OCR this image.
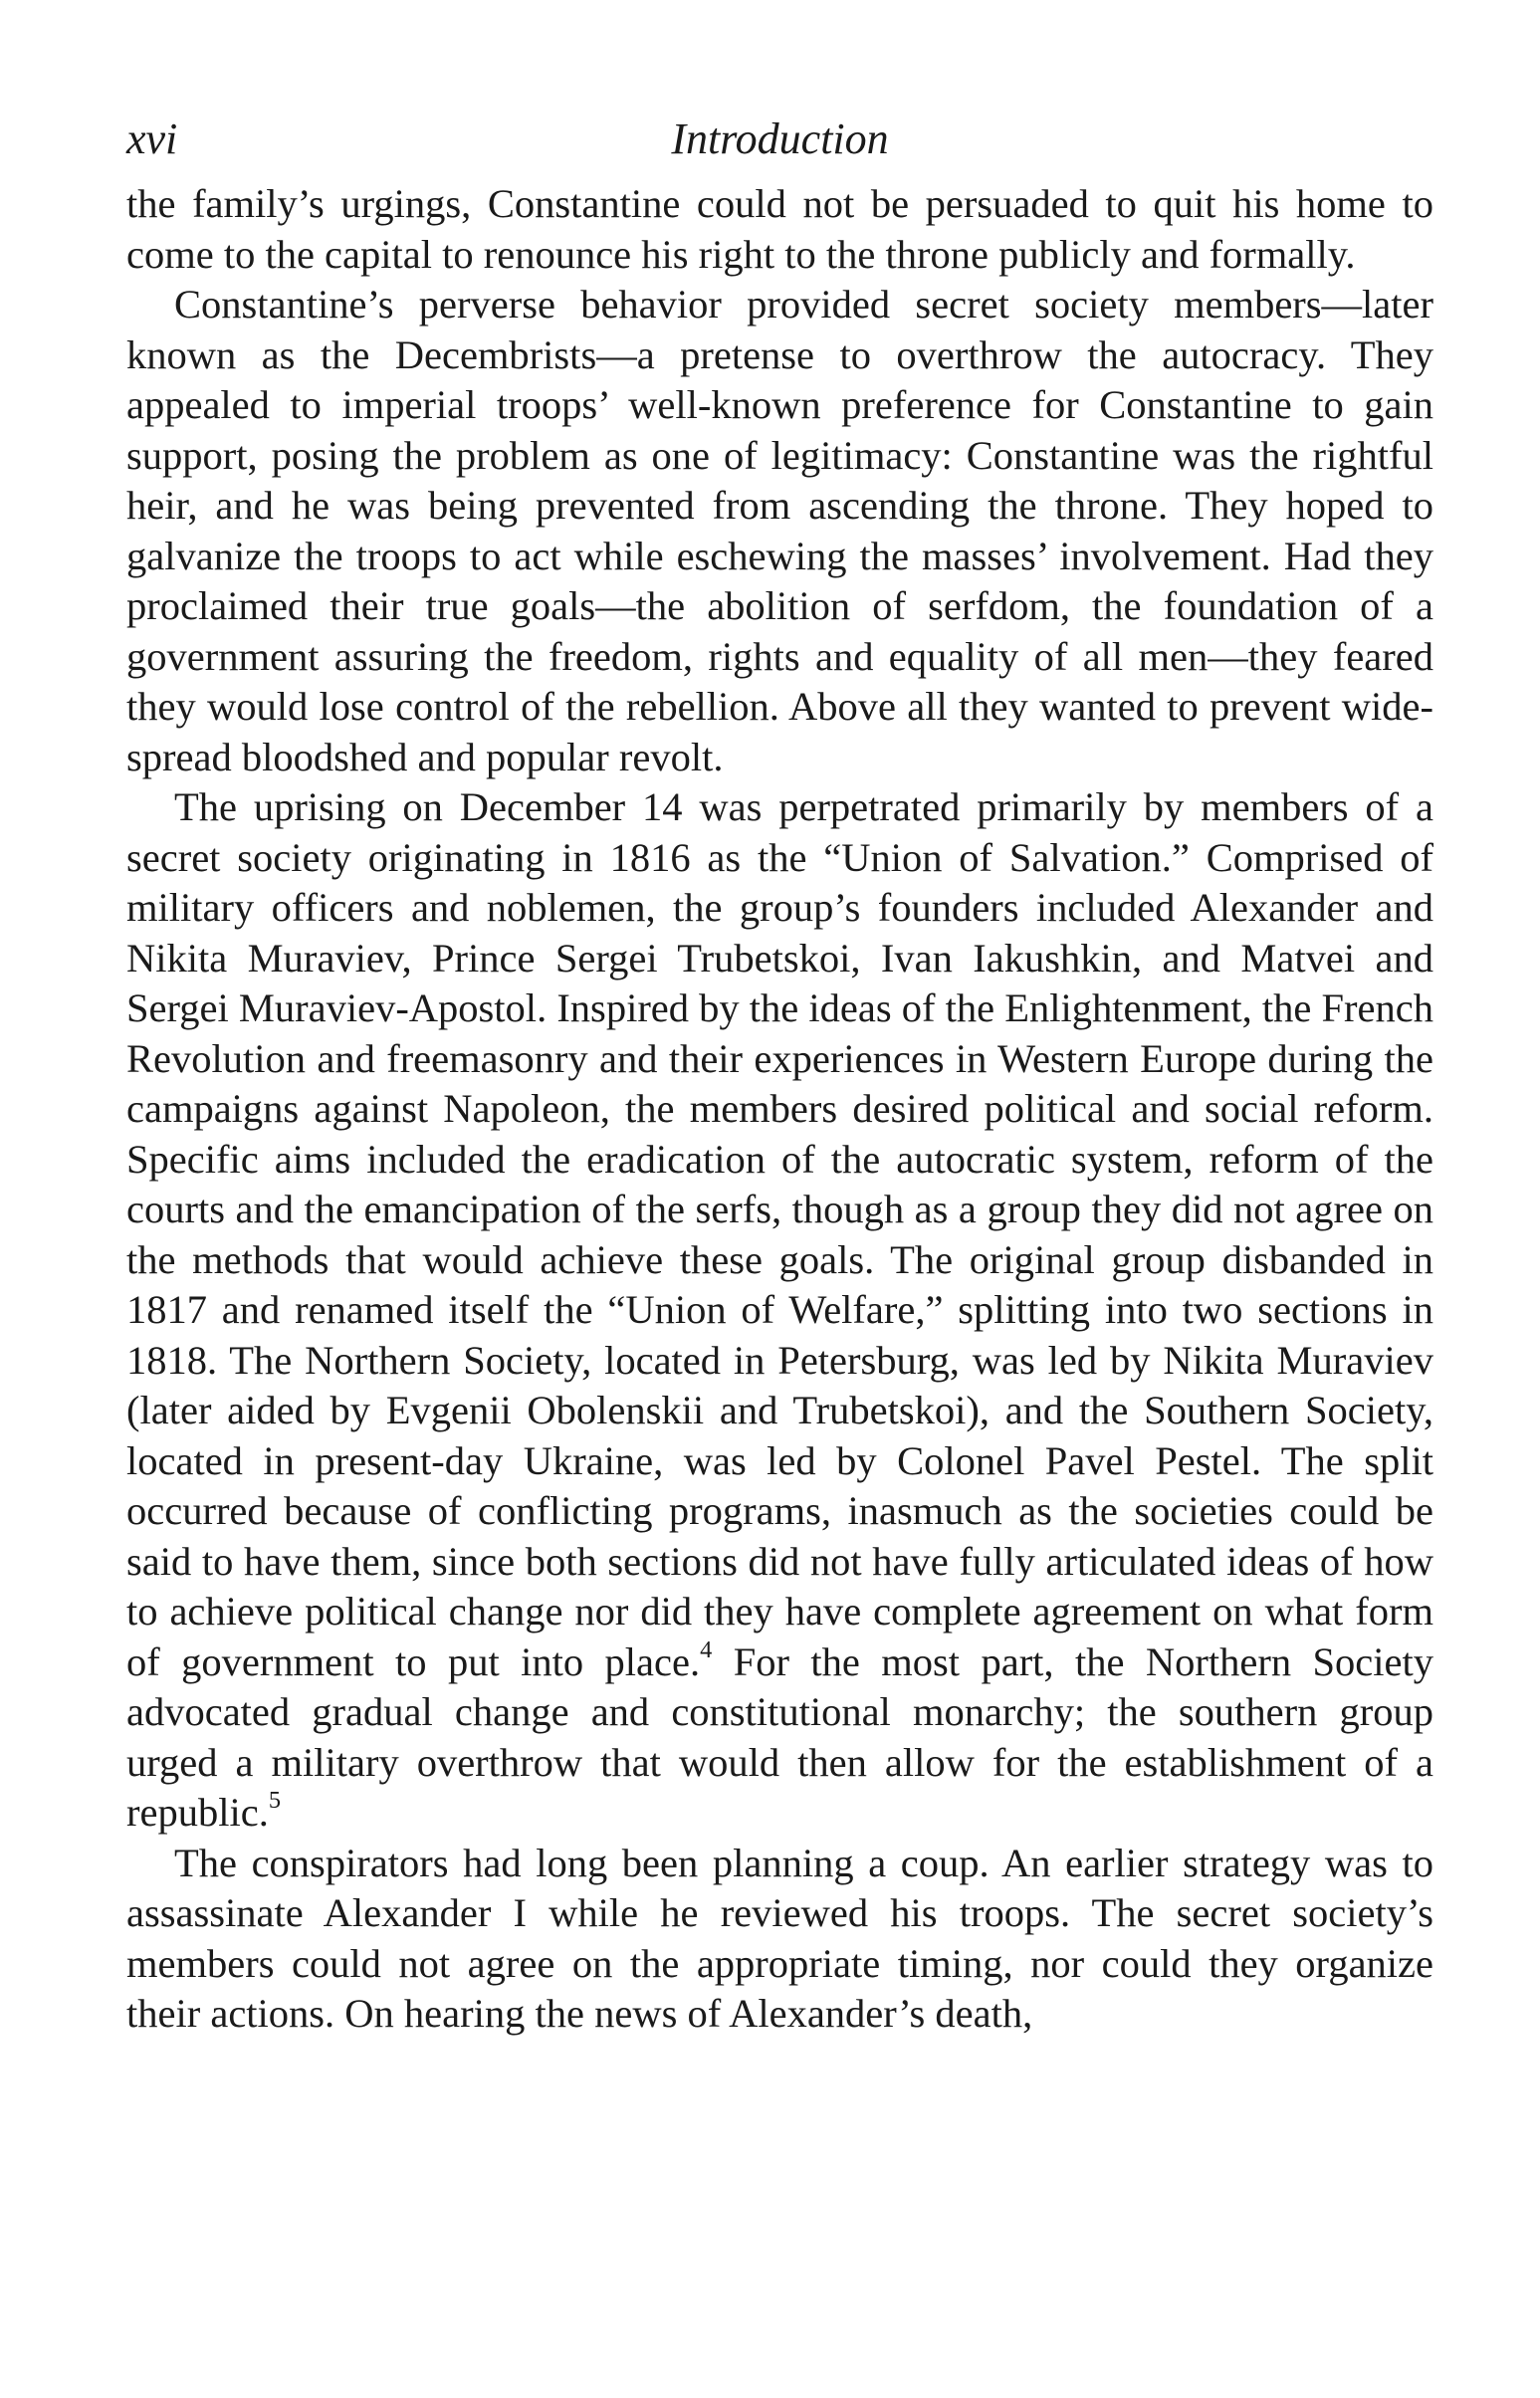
xvi	Introduction

the family’s urgings, Constantine could not be persuaded to quit his home to come to the capital to renounce his right to the throne publicly and formally.

Constantine’s perverse behavior provided secret society members—later known as the Decembrists—a pretense to overthrow the autocracy. They appealed to imperial troops’ well-known preference for Constantine to gain support, posing the problem as one of legitimacy: Constantine was the rightful heir, and he was being prevented from ascending the throne. They hoped to galvanize the troops to act while eschewing the masses’ involvement. Had they proclaimed their true goals—the abolition of serfdom, the foundation of a government assuring the freedom, rights and equality of all men—they feared they would lose control of the rebellion. Above all they wanted to prevent widespread bloodshed and popular revolt.

The uprising on December 14 was perpetrated primarily by members of a secret society originating in 1816 as the “Union of Salvation.” Comprised of military officers and noblemen, the group’s founders included Alexander and Nikita Muraviev, Prince Sergei Trubetskoi, Ivan Iakushkin, and Matvei and Sergei Muraviev-Apostol. Inspired by the ideas of the Enlightenment, the French Revolution and freemasonry and their experiences in Western Europe during the campaigns against Napoleon, the members desired political and social reform. Specific aims included the eradication of the autocratic system, reform of the courts and the emancipation of the serfs, though as a group they did not agree on the methods that would achieve these goals. The original group disbanded in 1817 and renamed itself the “Union of Welfare,” splitting into two sections in 1818. The Northern Society, located in Petersburg, was led by Nikita Muraviev (later aided by Evgenii Obolenskii and Trubetskoi), and the Southern Society, located in present-day Ukraine, was led by Colonel Pavel Pestel. The split occurred because of conflicting programs, inasmuch as the societies could be said to have them, since both sections did not have fully articulated ideas of how to achieve political change nor did they have complete agreement on what form of government to put into place.$^4$ For the most part, the Northern Society advocated gradual change and constitutional monarchy; the southern group urged a military overthrow that would then allow for the establishment of a republic.$^5$

The conspirators had long been planning a coup. An earlier strategy was to assassinate Alexander I while he reviewed his troops. The secret society’s members could not agree on the appropriate timing, nor could they organize their actions. On hearing the news of Alexander’s death,
